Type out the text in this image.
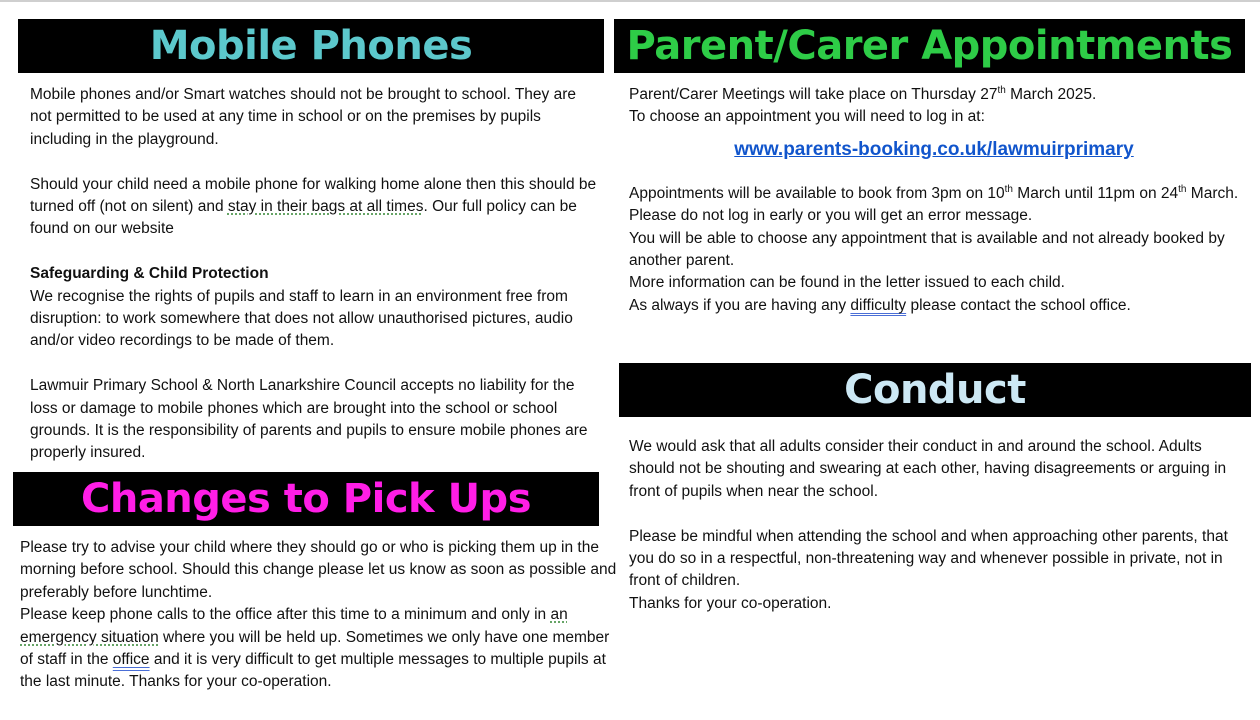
Mobile Phones

Mobile phones and/or Smart watches should not be brought to school. They are not permitted to be used at any time in school or on the premises by pupils including in the playground.

Should your child need a mobile phone for walking home alone then this should be turned off (not on silent) and stay in their bags at all times. Our full policy can be found on our website

Safeguarding & Child Protection

We recognise the rights of pupils and staff to learn in an environment free from disruption: to work somewhere that does not allow unauthorised pictures, audio and/or video recordings to be made of them.

Lawmuir Primary School & North Lanarkshire Council accepts no liability for the loss or damage to mobile phones which are brought into the school or school grounds. It is the responsibility of parents and pupils to ensure mobile phones are properly insured.

Changes to Pick Ups

Please try to advise your child where they should go or who is picking them up in the morning before school. Should this change please let us know as soon as possible and preferably before lunchtime.

Please keep phone calls to the office after this time to a minimum and only in an emergency situation where you will be held up. Sometimes we only have one member of staff in the office and it is very difficult to get multiple messages to multiple pupils at the last minute. Thanks for your co-operation.

Parent/Carer Appointments

Parent/Carer Meetings will take place on Thursday 27th March 2025.

To choose an appointment you will need to log in at:

www.parents-booking.co.uk/lawmuirprimary

Appointments will be available to book from 3pm on 10th March until 11pm on 24th March. Please do not log in early or you will get an error message.

You will be able to choose any appointment that is available and not already booked by another parent.

More information can be found in the letter issued to each child.

As always if you are having any difficulty please contact the school office.

Conduct

We would ask that all adults consider their conduct in and around the school. Adults should not be shouting and swearing at each other, having disagreements or arguing in front of pupils when near the school.

Please be mindful when attending the school and when approaching other parents, that you do so in a respectful, non-threatening way and whenever possible in private, not in front of children.

Thanks for your co-operation.
